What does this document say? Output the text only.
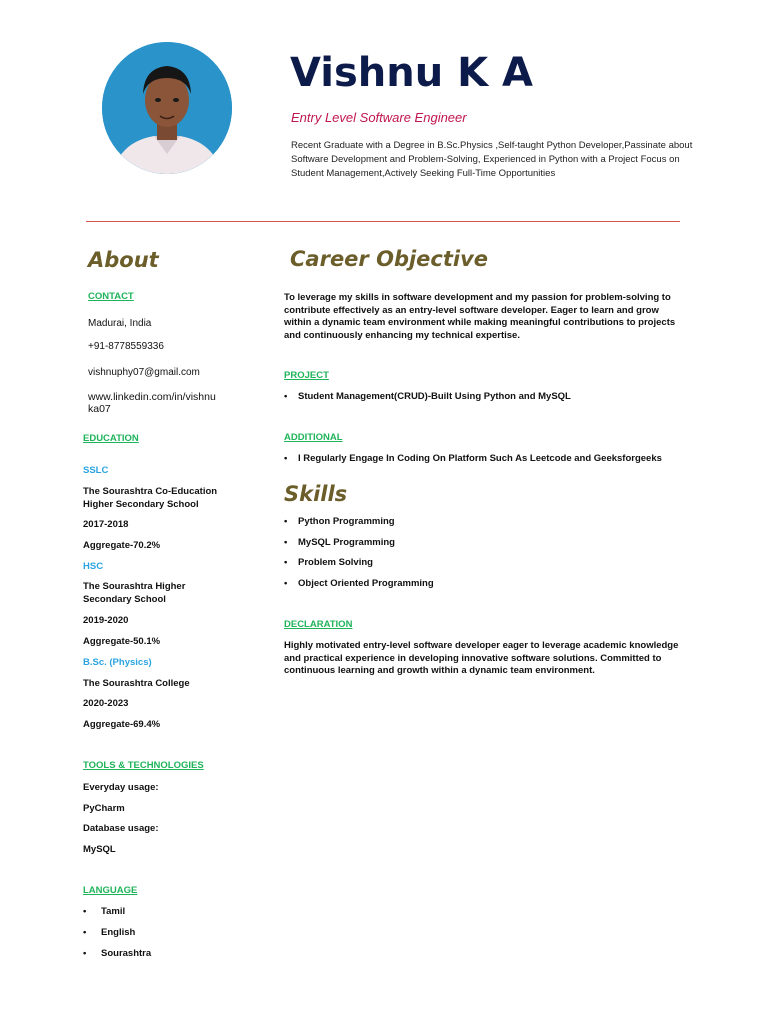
Vishnu K A
Entry Level Software Engineer
Recent Graduate with a Degree in B.Sc.Physics ,Self-taught Python Developer,Passinate about Software Development and Problem-Solving, Experienced in Python with a Project Focus on Student Management,Actively Seeking Full-Time Opportunities
About
CONTACT
Madurai, India
+91-8778559336
vishnuphy07@gmail.com
www.linkedin.com/in/vishnu
ka07
EDUCATION
SSLC
The Sourashtra Co-Education
Higher Secondary School
2017-2018
Aggregate-70.2%
HSC
The Sourashtra Higher
Secondary School
2019-2020
Aggregate-50.1%
B.Sc. (Physics)
The Sourashtra College
2020-2023
Aggregate-69.4%
TOOLS & TECHNOLOGIES
Everyday usage:
PyCharm
Database usage:
MySQL
LANGUAGE
• Tamil
• English
• Sourashtra
Career Objective
To leverage my skills in software development and my passion for problem-solving to contribute effectively as an entry-level software developer. Eager to learn and grow within a dynamic team environment while making meaningful contributions to projects and continuously enhancing my technical expertise.
PROJECT
• Student Management(CRUD)-Built Using Python and MySQL
ADDITIONAL
• I Regularly Engage In Coding On Platform Such As Leetcode and Geeksforgeeks
Skills
• Python Programming
• MySQL Programming
• Problem Solving
• Object Oriented Programming
DECLARATION
Highly motivated entry-level software developer eager to leverage academic knowledge and practical experience in developing innovative software solutions. Committed to continuous learning and growth within a dynamic team environment.
